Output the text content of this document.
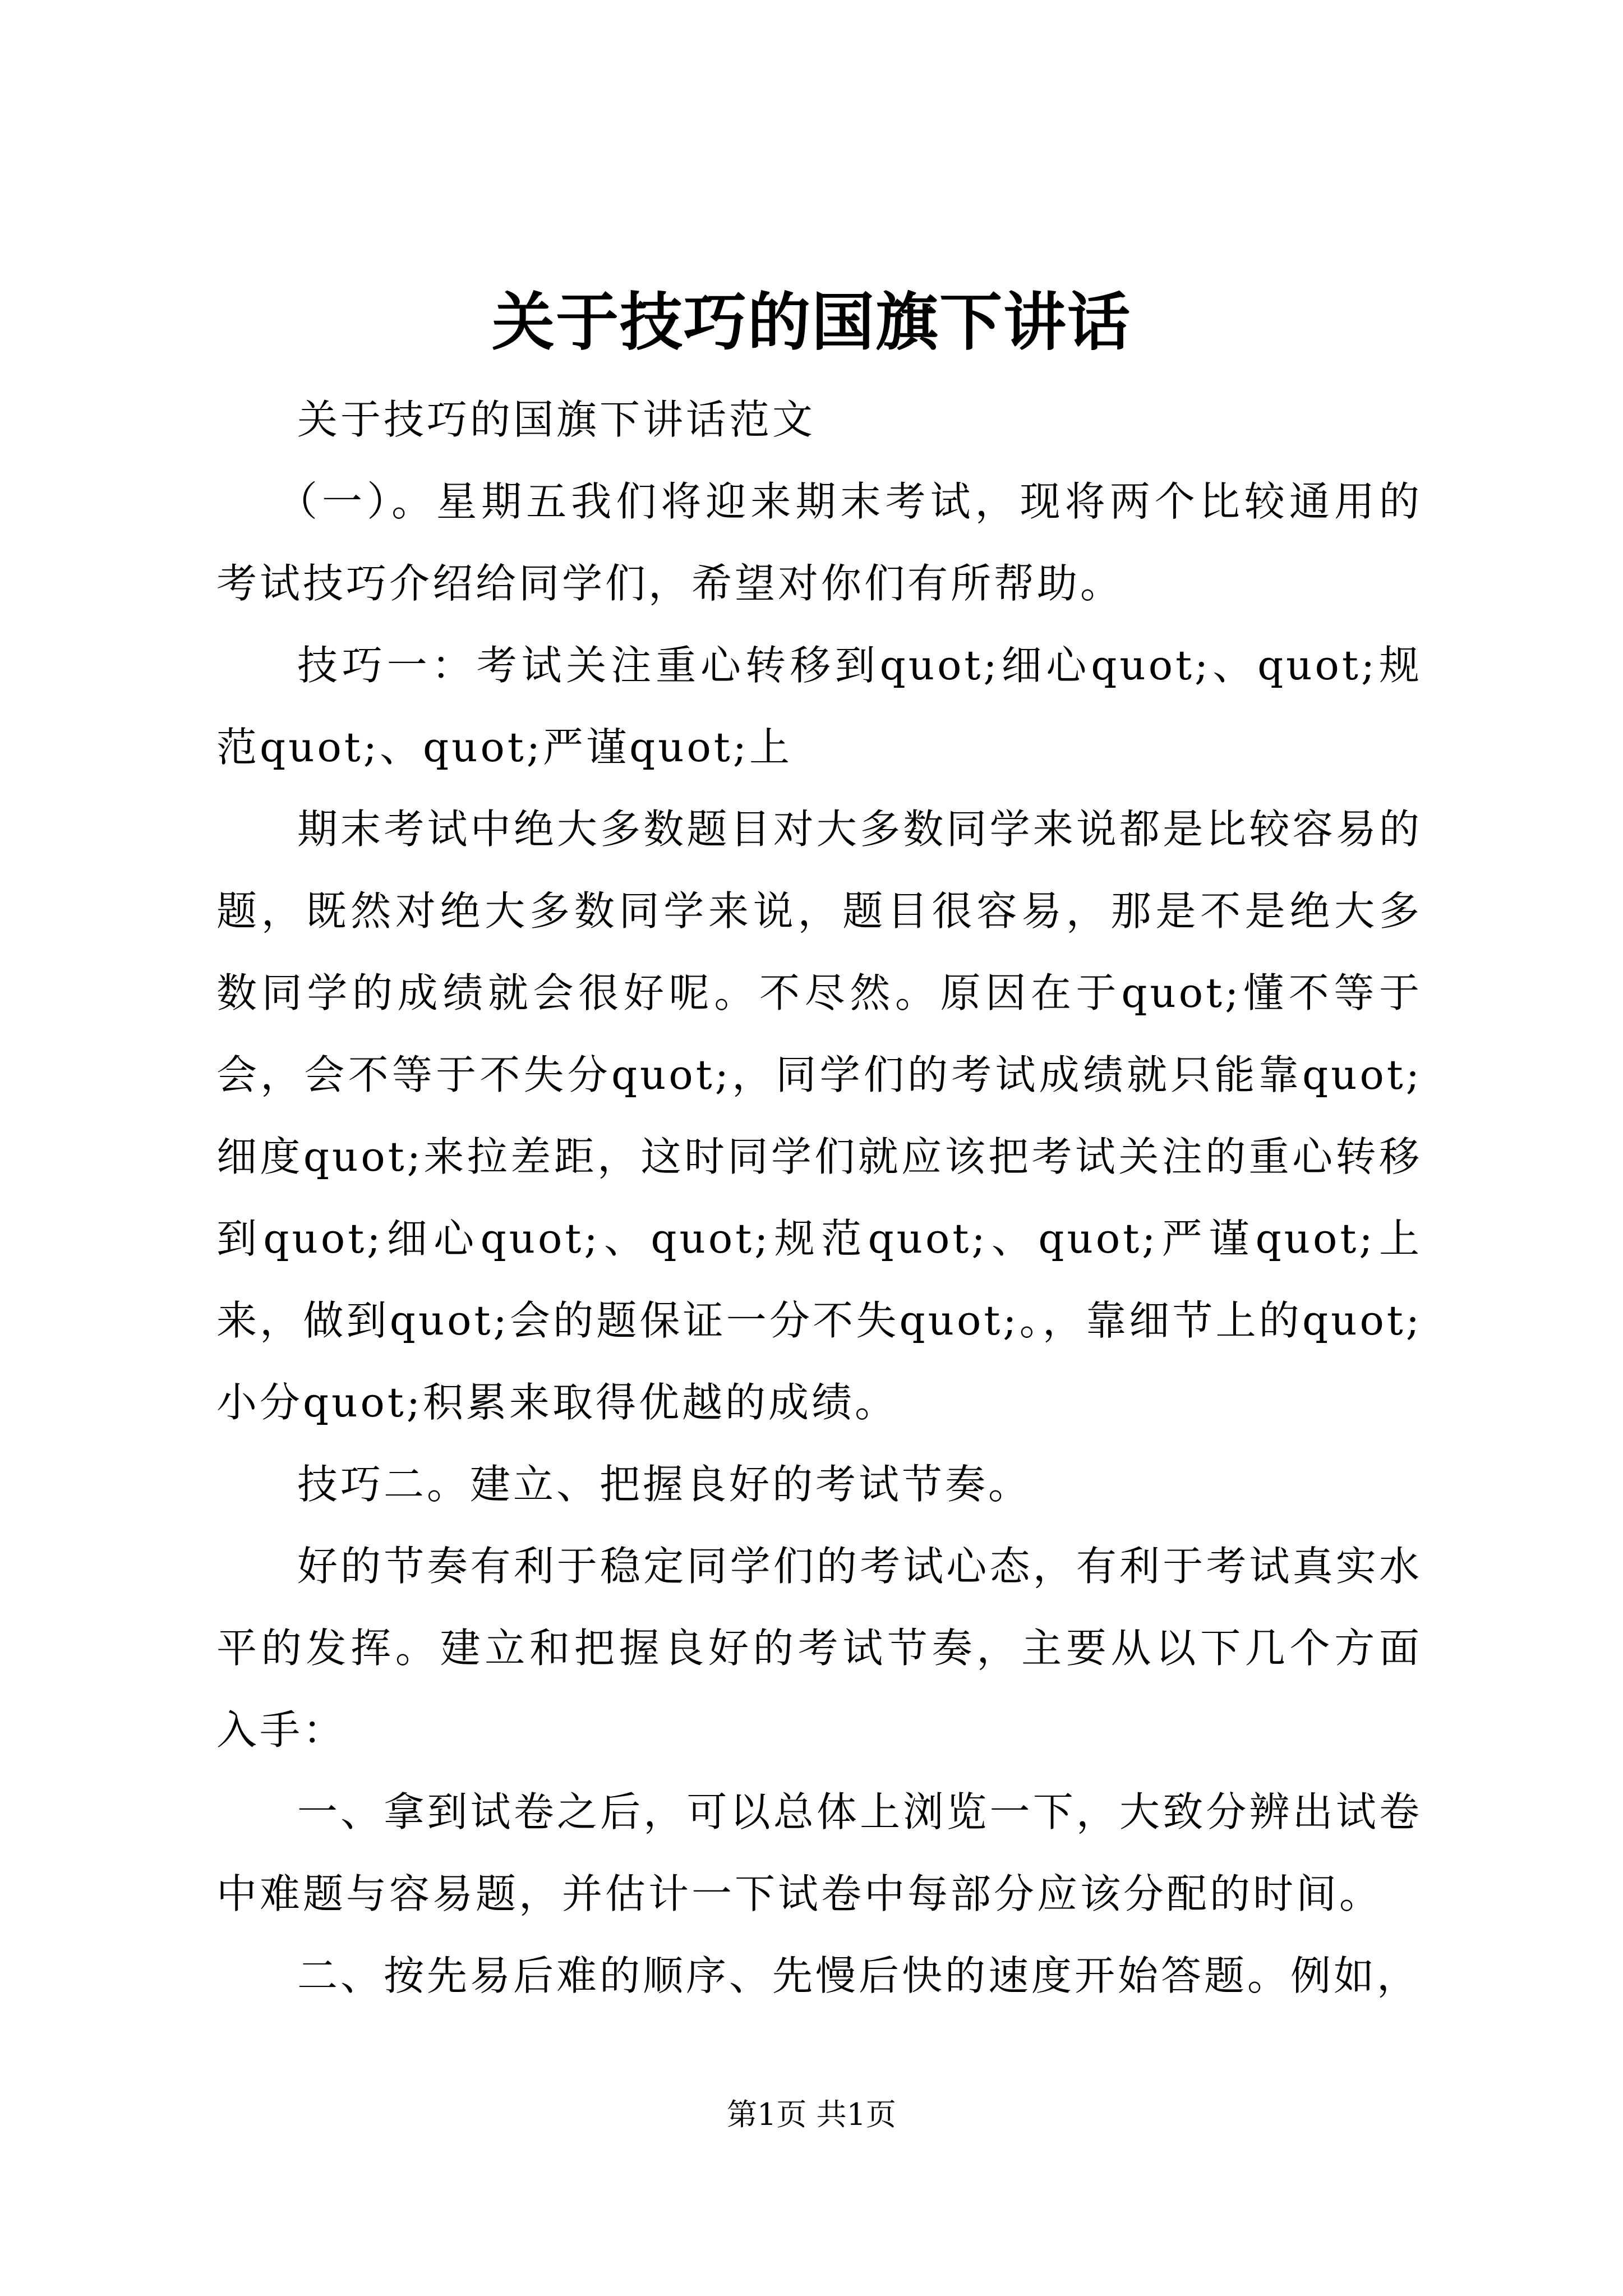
关于技巧的国旗下讲话

关于技巧的国旗下讲话范文

（一）。星期五我们将迎来期末考试，现将两个比较通用的考试技巧介绍给同学们，希望对你们有所帮助。

技巧一：考试关注重心转移到quot;细心quot;、quot;规范quot;、quot;严谨quot;上

期末考试中绝大多数题目对大多数同学来说都是比较容易的题，既然对绝大多数同学来说，题目很容易，那是不是绝大多数同学的成绩就会很好呢。不尽然。原因在于quot;懂不等于会，会不等于不失分quot;，同学们的考试成绩就只能靠quot;细度quot;来拉差距，这时同学们就应该把考试关注的重心转移到quot;细心quot;、quot;规范quot;、quot;严谨quot;上来，做到quot;会的题保证一分不失quot;。，靠细节上的quot;小分quot;积累来取得优越的成绩。

技巧二。建立、把握良好的考试节奏。

好的节奏有利于稳定同学们的考试心态，有利于考试真实水平的发挥。建立和把握良好的考试节奏，主要从以下几个方面入手：

一、拿到试卷之后，可以总体上浏览一下，大致分辨出试卷中难题与容易题，并估计一下试卷中每部分应该分配的时间。

二、按先易后难的顺序、先慢后快的速度开始答题。例如，

第1页 共1页
